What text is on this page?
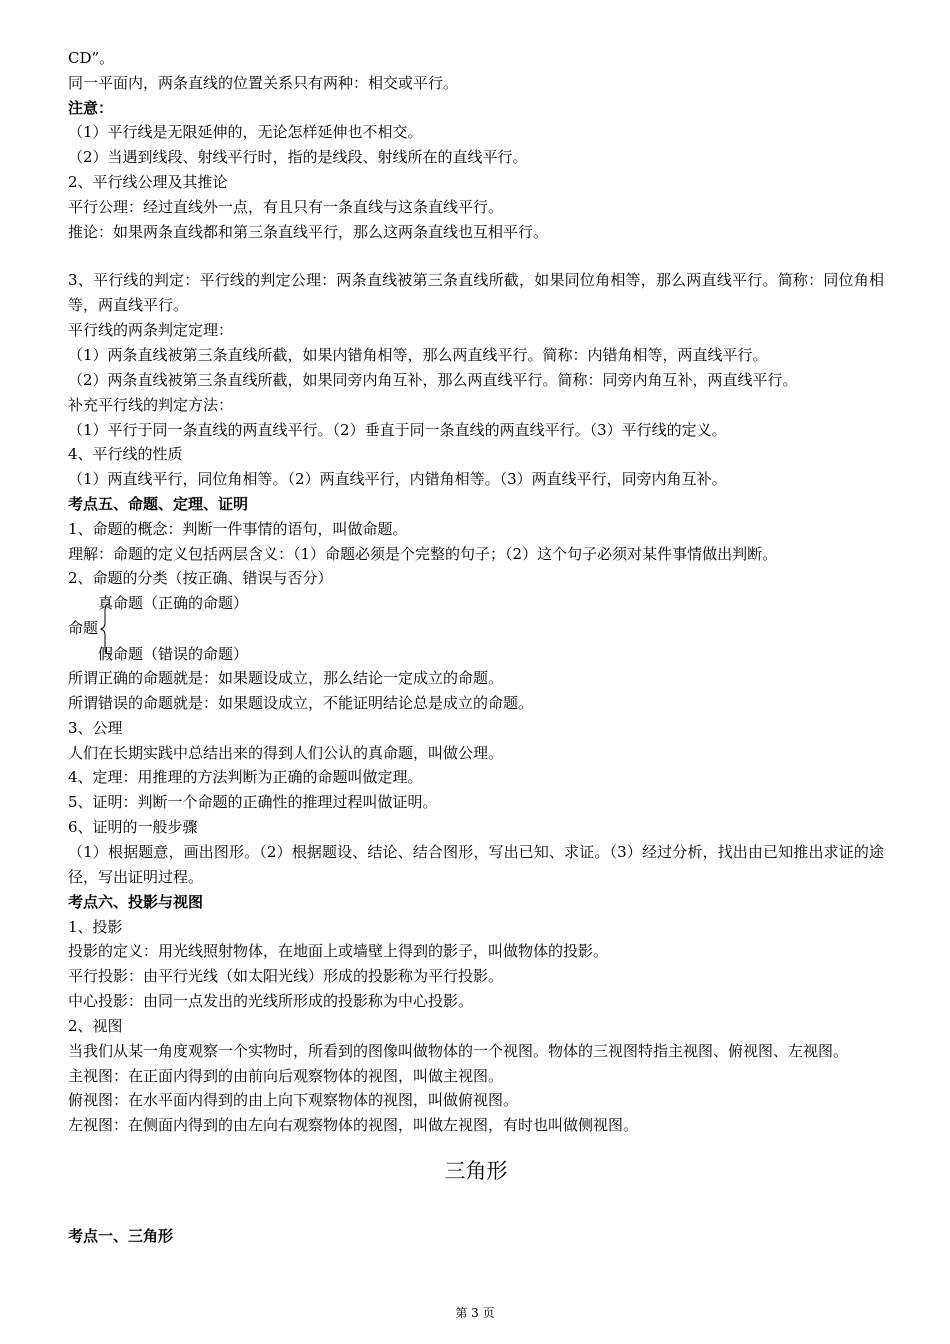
CD”。
同一平面内，两条直线的位置关系只有两种：相交或平行。
注意：
（1）平行线是无限延伸的，无论怎样延伸也不相交。
（2）当遇到线段、射线平行时，指的是线段、射线所在的直线平行。
2、平行线公理及其推论
平行公理：经过直线外一点，有且只有一条直线与这条直线平行。
推论：如果两条直线都和第三条直线平行，那么这两条直线也互相平行。
3、平行线的判定：平行线的判定公理：两条直线被第三条直线所截，如果同位角相等，那么两直线平行。简称：同位角相等，两直线平行。
平行线的两条判定定理：
（1）两条直线被第三条直线所截，如果内错角相等，那么两直线平行。简称：内错角相等，两直线平行。
（2）两条直线被第三条直线所截，如果同旁内角互补，那么两直线平行。简称：同旁内角互补，两直线平行。
补充平行线的判定方法：
（1）平行于同一条直线的两直线平行。（2）垂直于同一条直线的两直线平行。（3）平行线的定义。
4、平行线的性质
（1）两直线平行，同位角相等。（2）两直线平行，内错角相等。（3）两直线平行，同旁内角互补。
考点五、命题、定理、证明
1、命题的概念：判断一件事情的语句，叫做命题。
理解：命题的定义包括两层含义：（1）命题必须是个完整的句子；（2）这个句子必须对某件事情做出判断。
2、命题的分类（按正确、错误与否分）
真命题（正确的命题）
命题
假命题（错误的命题）
所谓正确的命题就是：如果题设成立，那么结论一定成立的命题。
所谓错误的命题就是：如果题设成立，不能证明结论总是成立的命题。
3、公理
人们在长期实践中总结出来的得到人们公认的真命题，叫做公理。
4、定理：用推理的方法判断为正确的命题叫做定理。
5、证明：判断一个命题的正确性的推理过程叫做证明。
6、证明的一般步骤
（1）根据题意，画出图形。（2）根据题设、结论、结合图形，写出已知、求证。（3）经过分析，找出由已知推出求证的途径，写出证明过程。
考点六、投影与视图
1、投影
投影的定义：用光线照射物体，在地面上或墙壁上得到的影子，叫做物体的投影。
平行投影：由平行光线（如太阳光线）形成的投影称为平行投影。
中心投影：由同一点发出的光线所形成的投影称为中心投影。
2、视图
当我们从某一角度观察一个实物时，所看到的图像叫做物体的一个视图。物体的三视图特指主视图、俯视图、左视图。
主视图：在正面内得到的由前向后观察物体的视图，叫做主视图。
俯视图：在水平面内得到的由上向下观察物体的视图，叫做俯视图。
左视图：在侧面内得到的由左向右观察物体的视图，叫做左视图，有时也叫做侧视图。
三角形
考点一、三角形
第 3 页
